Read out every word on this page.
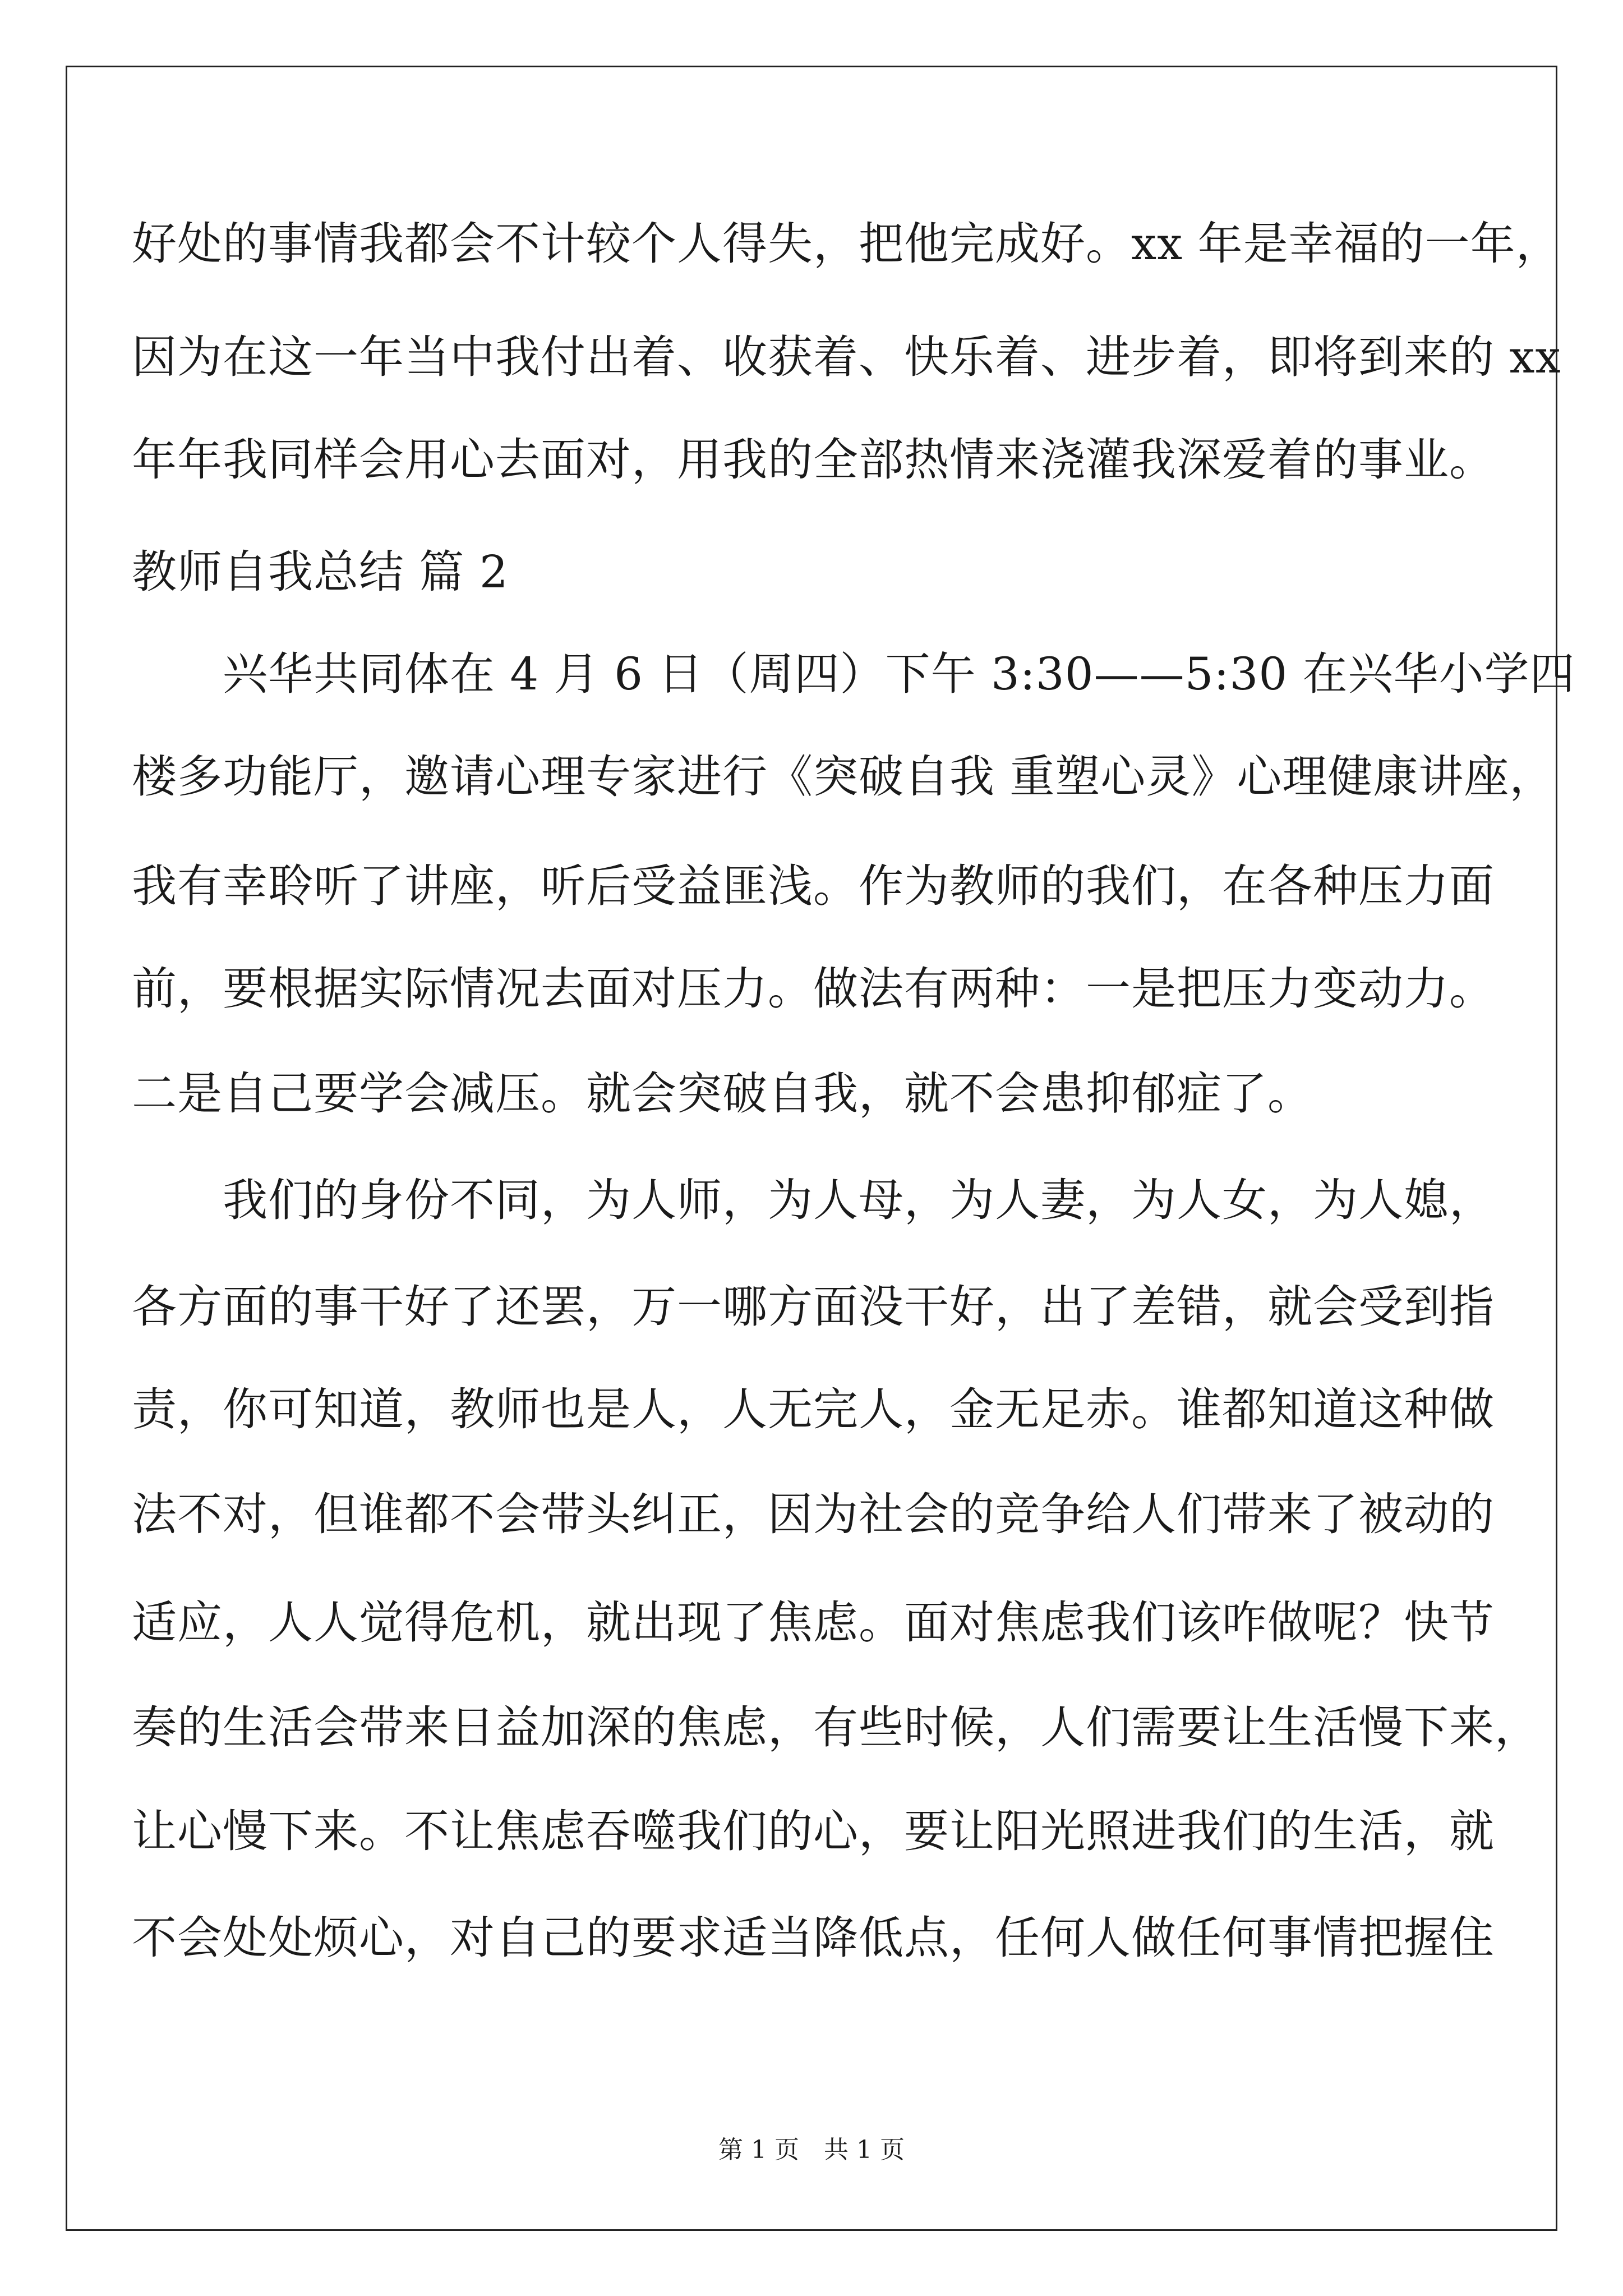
好处的事情我都会不计较个人得失，把他完成好。xx 年是幸福的一年，
因为在这一年当中我付出着、收获着、快乐着、进步着，即将到来的 xx
年年我同样会用心去面对，用我的全部热情来浇灌我深爱着的事业。
教师自我总结 篇 2
　　兴华共同体在 4 月 6 日（周四）下午 3:30——5:30 在兴华小学四
楼多功能厅，邀请心理专家进行《突破自我 重塑心灵》心理健康讲座，
我有幸聆听了讲座，听后受益匪浅。作为教师的我们，在各种压力面
前，要根据实际情况去面对压力。做法有两种：一是把压力变动力。
二是自己要学会减压。就会突破自我，就不会患抑郁症了。
　　我们的身份不同，为人师，为人母，为人妻，为人女，为人媳，
各方面的事干好了还罢，万一哪方面没干好，出了差错，就会受到指
责，你可知道，教师也是人，人无完人，金无足赤。谁都知道这种做
法不对，但谁都不会带头纠正，因为社会的竞争给人们带来了被动的
适应，人人觉得危机，就出现了焦虑。面对焦虑我们该咋做呢？快节
奏的生活会带来日益加深的焦虑，有些时候，人们需要让生活慢下来，
让心慢下来。不让焦虑吞噬我们的心，要让阳光照进我们的生活，就
不会处处烦心，对自己的要求适当降低点，任何人做任何事情把握住
第 1 页　共 1 页
